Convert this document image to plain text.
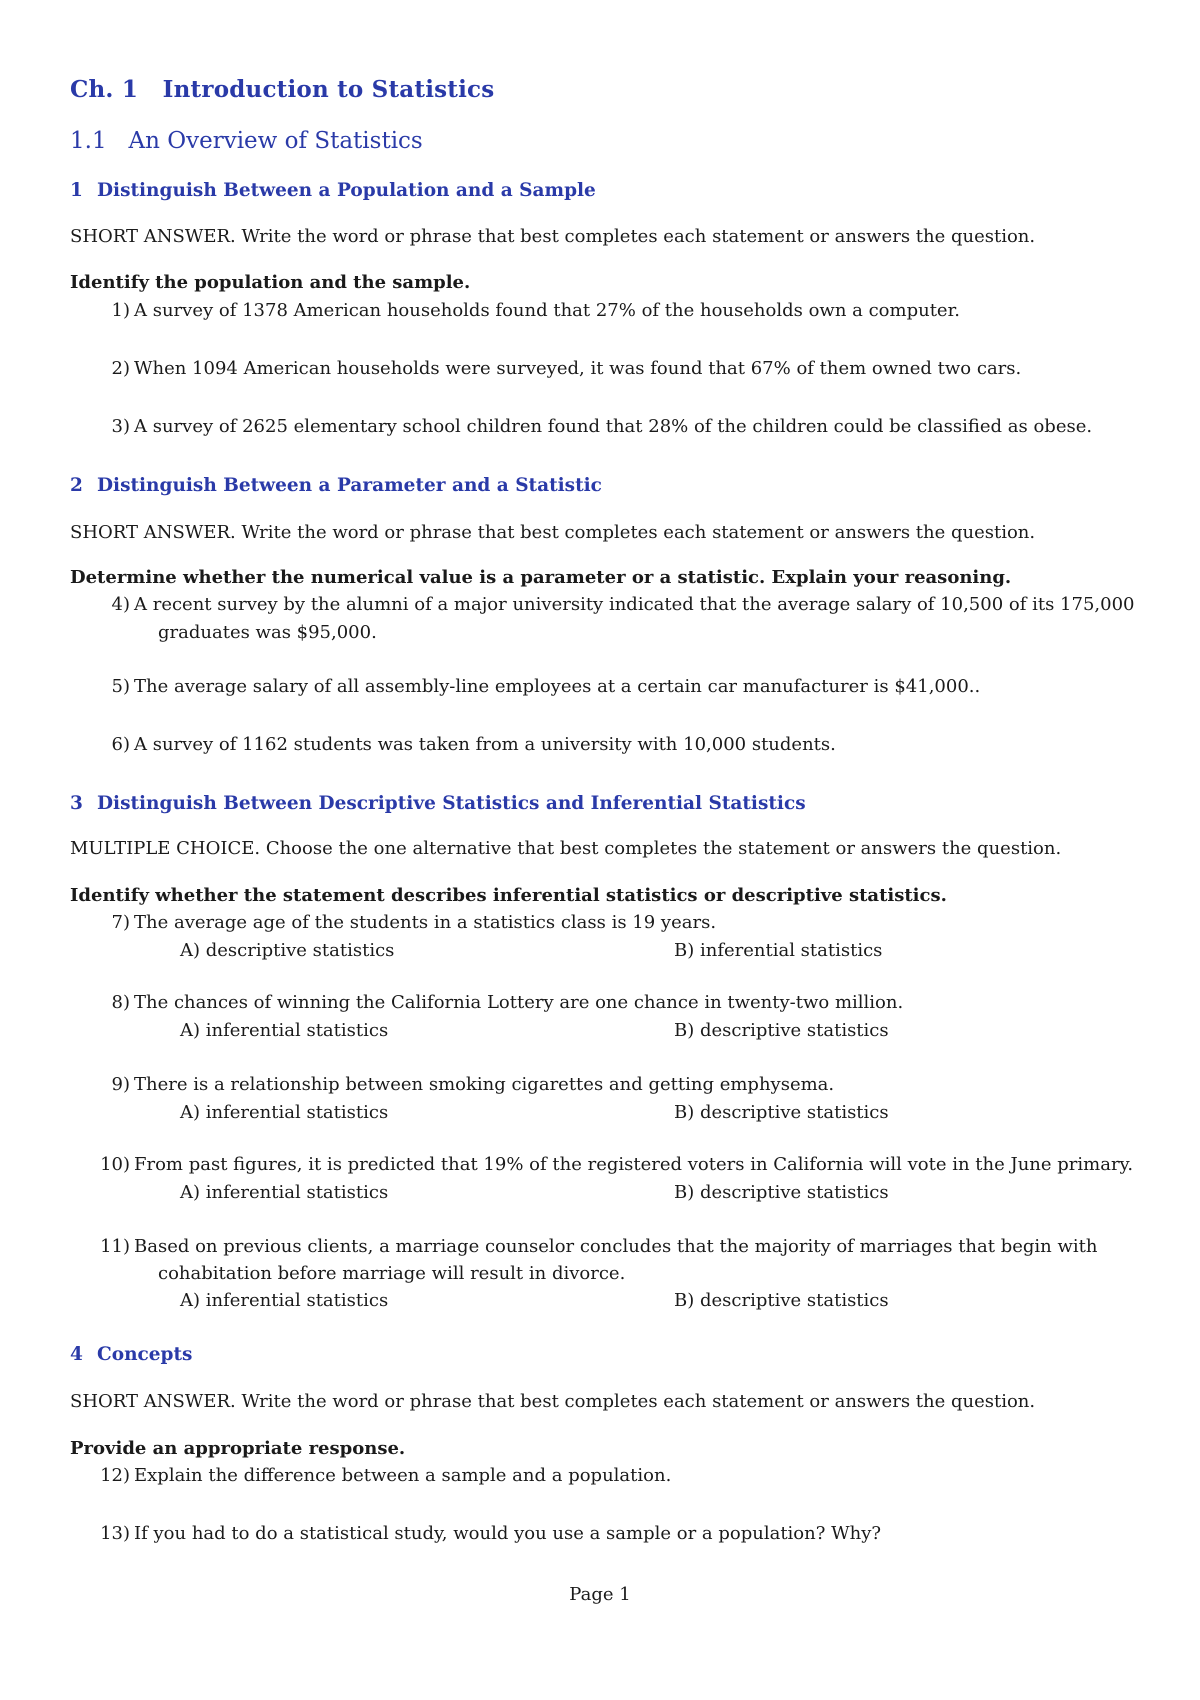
Ch. 1 Introduction to Statistics
1.1 An Overview of Statistics
1 Distinguish Between a Population and a Sample
SHORT ANSWER. Write the word or phrase that best completes each statement or answers the question.
Identify the population and the sample.
1) A survey of 1378 American households found that 27% of the households own a computer.
2) When 1094 American households were surveyed, it was found that 67% of them owned two cars.
3) A survey of 2625 elementary school children found that 28% of the children could be classified as obese.
2 Distinguish Between a Parameter and a Statistic
SHORT ANSWER. Write the word or phrase that best completes each statement or answers the question.
Determine whether the numerical value is a parameter or a statistic. Explain your reasoning.
4) A recent survey by the alumni of a major university indicated that the average salary of 10,500 of its 175,000
graduates was $95,000.
5) The average salary of all assembly-line employees at a certain car manufacturer is $41,000..
6) A survey of 1162 students was taken from a university with 10,000 students.
3 Distinguish Between Descriptive Statistics and Inferential Statistics
MULTIPLE CHOICE. Choose the one alternative that best completes the statement or answers the question.
Identify whether the statement describes inferential statistics or descriptive statistics.
7) The average age of the students in a statistics class is 19 years.
A) descriptive statistics	B) inferential statistics
8) The chances of winning the California Lottery are one chance in twenty-two million.
A) inferential statistics	B) descriptive statistics
9) There is a relationship between smoking cigarettes and getting emphysema.
A) inferential statistics	B) descriptive statistics
10) From past figures, it is predicted that 19% of the registered voters in California will vote in the June primary.
A) inferential statistics	B) descriptive statistics
11) Based on previous clients, a marriage counselor concludes that the majority of marriages that begin with
cohabitation before marriage will result in divorce.
A) inferential statistics	B) descriptive statistics
4 Concepts
SHORT ANSWER. Write the word or phrase that best completes each statement or answers the question.
Provide an appropriate response.
12) Explain the difference between a sample and a population.
13) If you had to do a statistical study, would you use a sample or a population? Why?
Page 1
